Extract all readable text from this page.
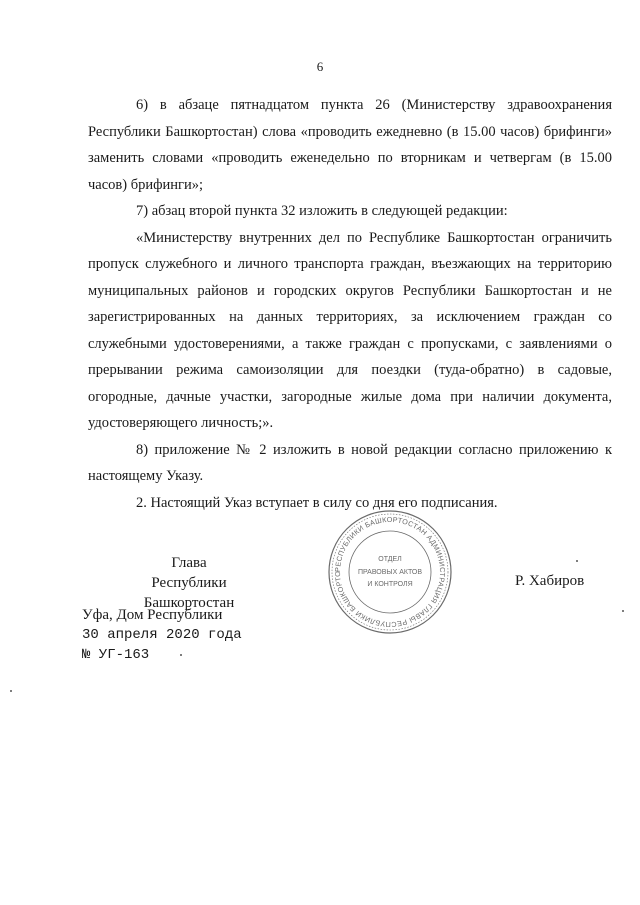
6

6) в абзаце пятнадцатом пункта 26 (Министерству здравоохранения Республики Башкортостан) слова «проводить ежедневно (в 15.00 часов) брифинги» заменить словами «проводить еженедельно по вторникам и четвергам (в 15.00 часов) брифинги»;

7) абзац второй пункта 32 изложить в следующей редакции:

«Министерству внутренних дел по Республике Башкортостан ограничить пропуск служебного и личного транспорта граждан, въезжающих на территорию муниципальных районов и городских округов Республики Башкортостан и не зарегистрированных на данных территориях, за исключением граждан со служебными удостоверениями, а также граждан с пропусками, с заявлениями о прерывании режима самоизоляции для поездки (туда-обратно) в садовые, огородные, дачные участки, загородные жилые дома при наличии документа, удостоверяющего личность;».

8) приложение № 2 изложить в новой редакции согласно приложению к настоящему Указу.

2. Настоящий Указ вступает в силу со дня его подписания.

Глава
Республики Башкортостан
Р. Хабиров
РЕСПУБЛИКИ БАШКОРТОСТАН АДМИНИСТРАЦИЯ ГЛАВЫ РЕСПУБЛИКИ БАШКОРТО
ОТДЕЛ
ПРАВОВЫХ АКТОВ
И КОНТРОЛЯ
Уфа, Дом Республики
30 апреля 2020 года
№ УГ-163
